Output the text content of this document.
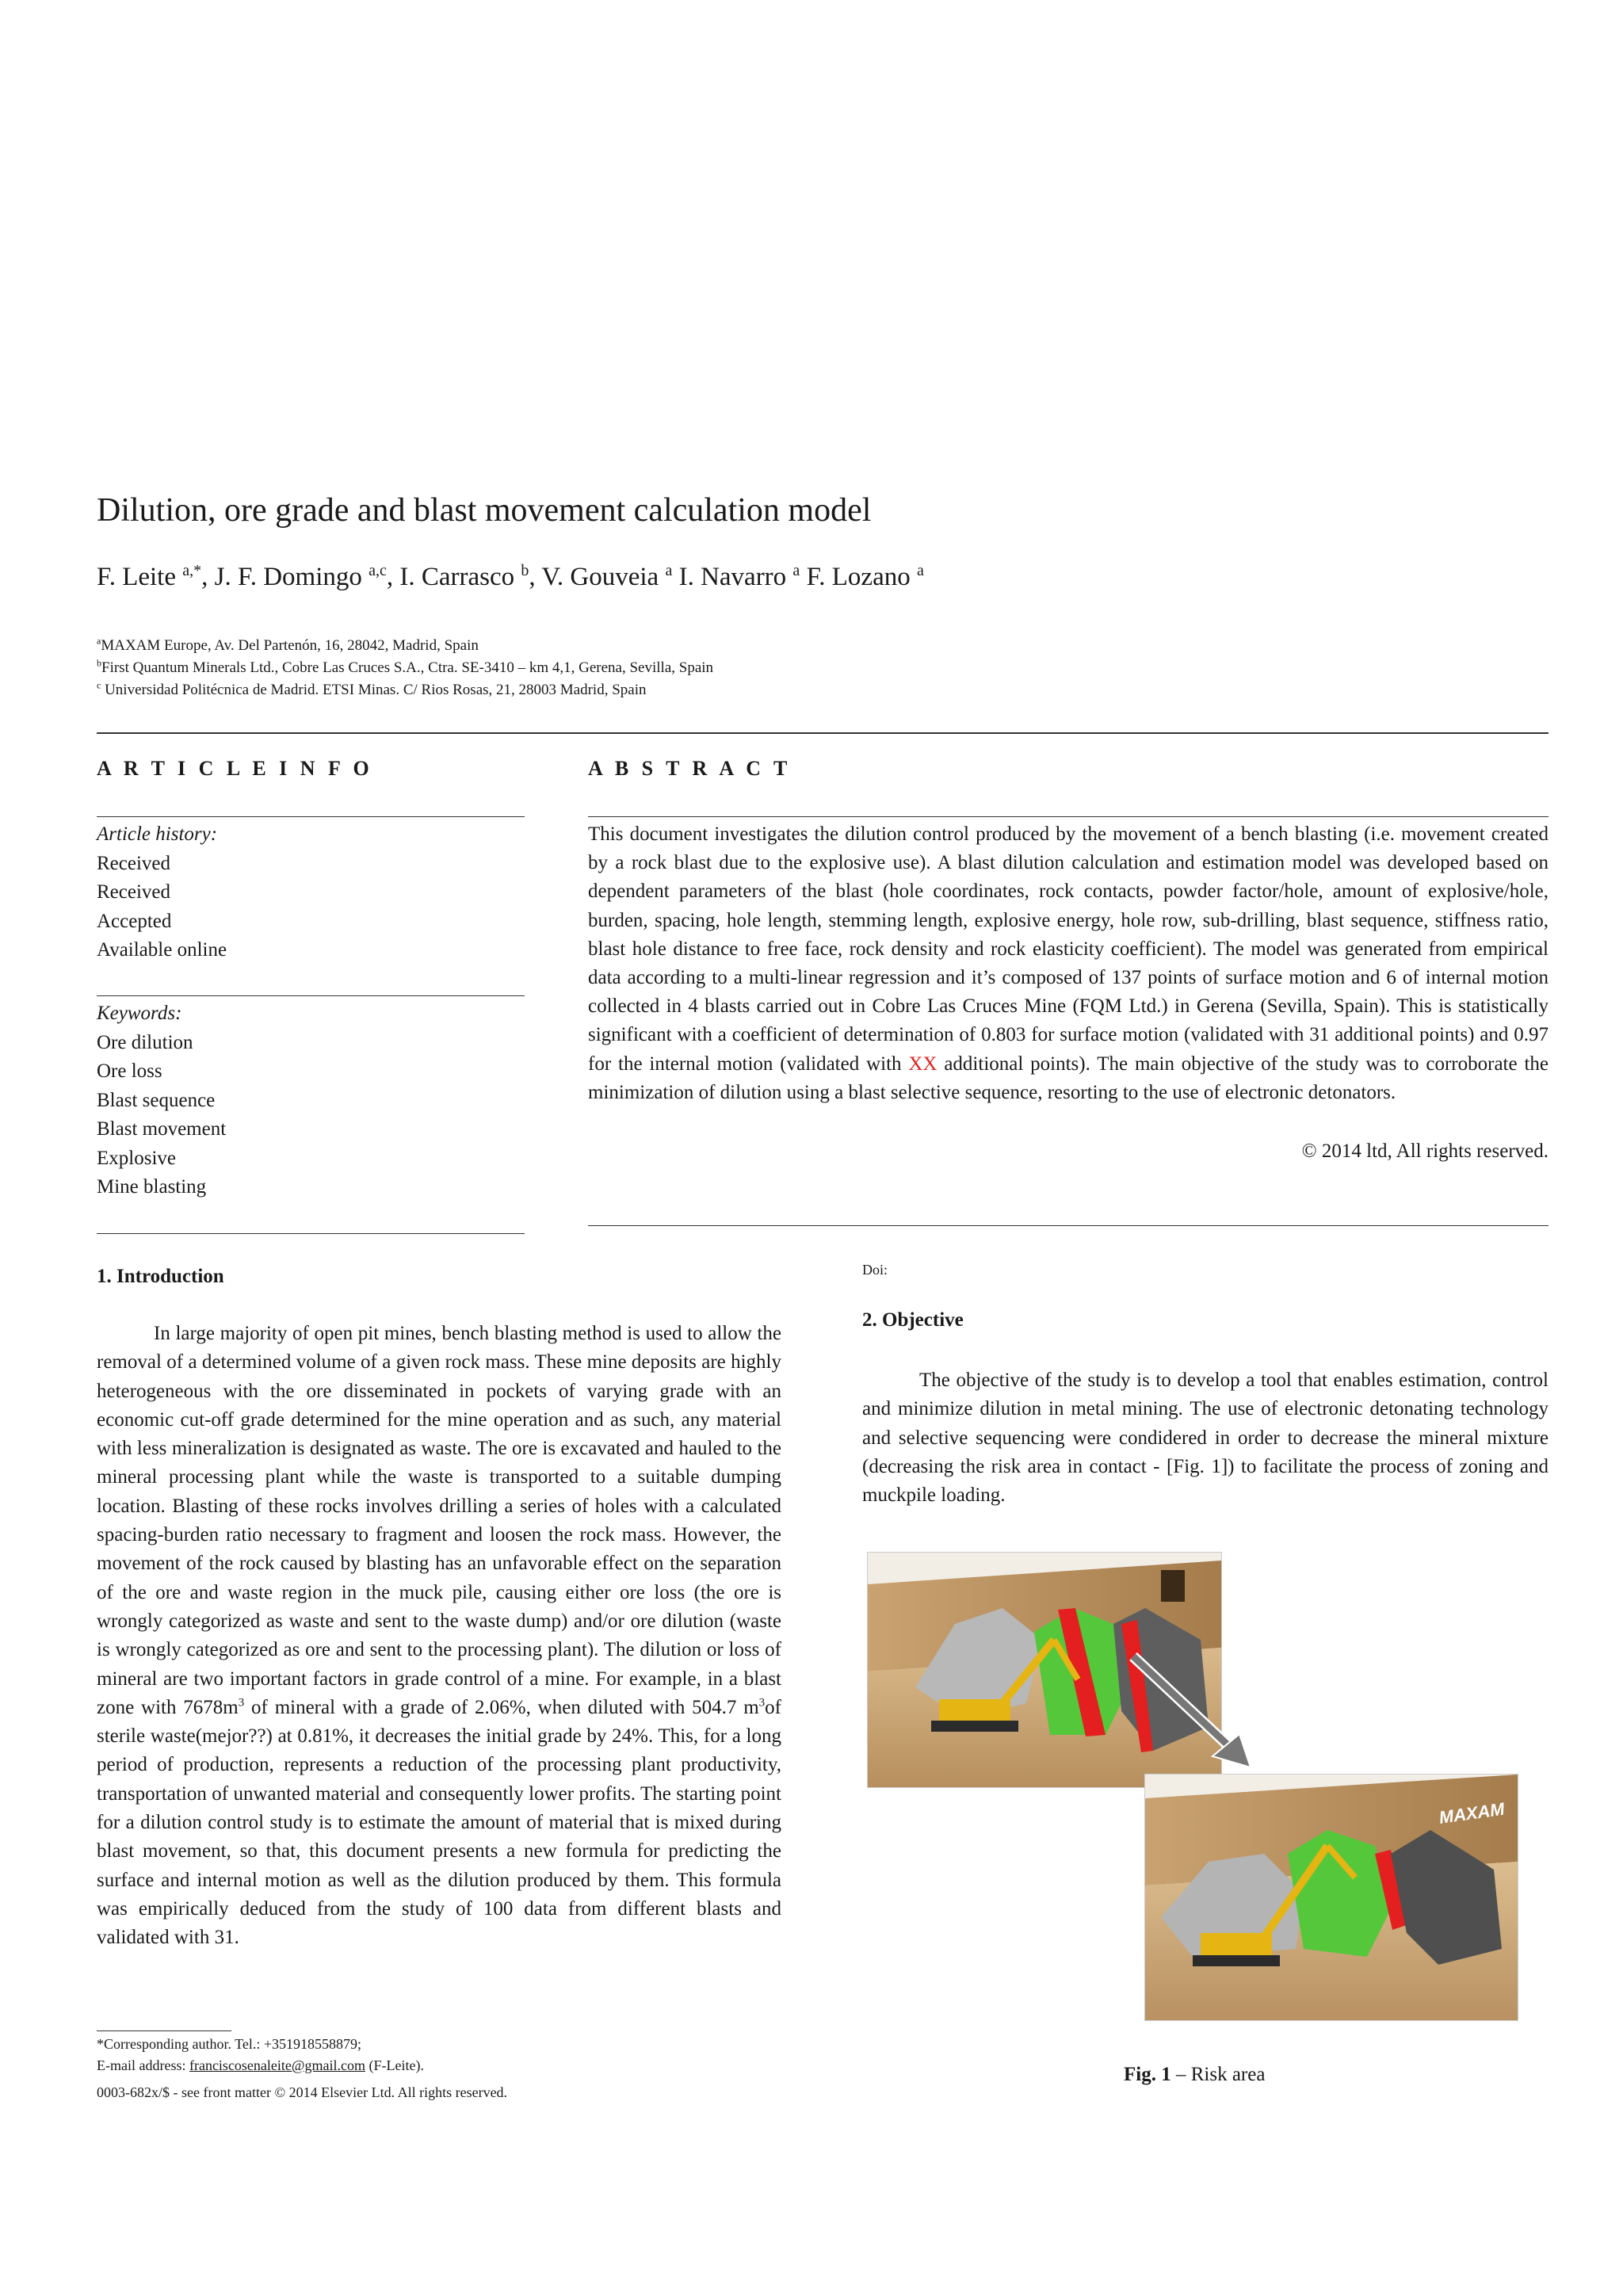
Dilution, ore grade and blast movement calculation model
F. Leite $^{a,*}$, J. F. Domingo $^{a,c}$, I. Carrasco $^b$, V. Gouveia $^a$ I. Navarro $^a$ F. Lozano $^a$
$^a$MAXAM Europe, Av. Del Partenón, 16, 28042, Madrid, Spain
$^b$First Quantum Minerals Ltd., Cobre Las Cruces S.A., Ctra. SE-3410 – km 4,1, Gerena, Sevilla, Spain
$^c$ Universidad Politécnica de Madrid. ETSI Minas. C/ Rios Rosas, 21, 28003 Madrid, Spain
A R T I C L E I N F O
Article history:
Received
Received
Accepted
Available online
Keywords:
Ore dilution
Ore loss
Blast sequence
Blast movement
Explosive
Mine blasting
A B S T R A C T
This document investigates the dilution control produced by the movement of a bench blasting (i.e. movement created by a rock blast due to the explosive use). A blast dilution calculation and estimation model was developed based on dependent parameters of the blast (hole coordinates, rock contacts, powder factor/hole, amount of explosive/hole, burden, spacing, hole length, stemming length, explosive energy, hole row, sub-drilling, blast sequence, stiffness ratio, blast hole distance to free face, rock density and rock elasticity coefficient). The model was generated from empirical data according to a multi-linear regression and it’s composed of 137 points of surface motion and 6 of internal motion collected in 4 blasts carried out in Cobre Las Cruces Mine (FQM Ltd.) in Gerena (Sevilla, Spain). This is statistically significant with a coefficient of determination of 0.803 for surface motion (validated with 31 additional points) and 0.97 for the internal motion (validated with XX additional points). The main objective of the study was to corroborate the minimization of dilution using a blast selective sequence, resorting to the use of electronic detonators.
© 2014 ltd, All rights reserved.
1. Introduction
In large majority of open pit mines, bench blasting method is used to allow the removal of a determined volume of a given rock mass. These mine deposits are highly heterogeneous with the ore disseminated in pockets of varying grade with an economic cut-off grade determined for the mine operation and as such, any material with less mineralization is designated as waste. The ore is excavated and hauled to the mineral processing plant while the waste is transported to a suitable dumping location. Blasting of these rocks involves drilling a series of holes with a calculated spacing-burden ratio necessary to fragment and loosen the rock mass. However, the movement of the rock caused by blasting has an unfavorable effect on the separation of the ore and waste region in the muck pile, causing either ore loss (the ore is wrongly categorized as waste and sent to the waste dump) and/or ore dilution (waste is wrongly categorized as ore and sent to the processing plant). The dilution or loss of mineral are two important factors in grade control of a mine. For example, in a blast zone with $7678m^3$ of mineral with a grade of 2.06%, when diluted with 504.7 $m^3of$ sterile waste(mejor??) at 0.81%, it decreases the initial grade by 24%. This, for a long period of production, represents a reduction of the processing plant productivity, transportation of unwanted material and consequently lower profits. The starting point for a dilution control study is to estimate the amount of material that is mixed during blast movement, so that, this document presents a new formula for predicting the surface and internal motion as well as the dilution produced by them. This formula was empirically deduced from the study of 100 data from different blasts and validated with 31.
*Corresponding author. Tel.: +351918558879;
E-mail address: franciscosenaleite@gmail.com (F-Leite).
0003-682x/$ - see front matter © 2014 Elsevier Ltd. All rights reserved.
Doi:
2. Objective
The objective of the study is to develop a tool that enables estimation, control and minimize dilution in metal mining. The use of electronic detonating technology and selective sequencing were condidered in order to decrease the mineral mixture (decreasing the risk area in contact - [Fig. 1]) to facilitate the process of zoning and muckpile loading.
MAXAM
Fig. 1 – Risk area
